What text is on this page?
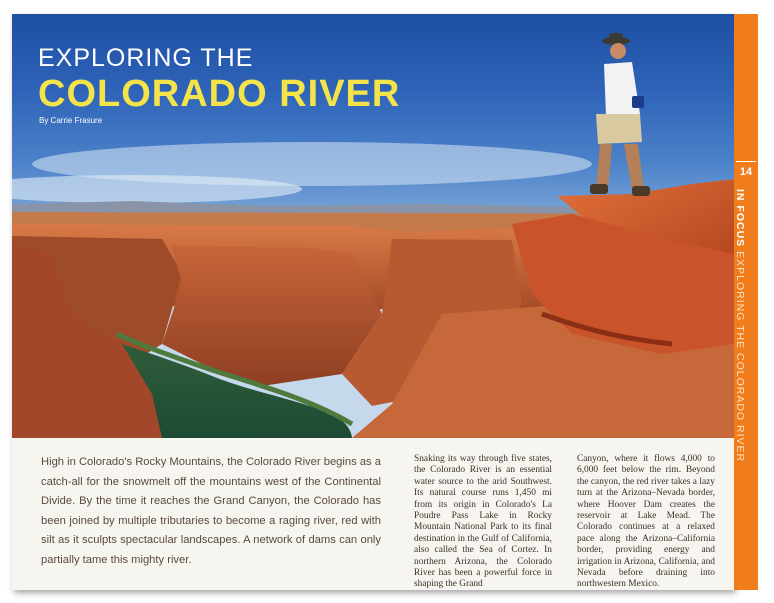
EXPLORING THE
COLORADO RIVER
By Carrie Frasure

High in Colorado's Rocky Mountains, the Colorado River begins as a catch-all for the snowmelt off the mountains west of the Continental Divide. By the time it reaches the Grand Canyon, the Colorado has been joined by multiple tributaries to become a raging river, red with silt as it sculpts spectacular landscapes. A network of dams can only partially tame this mighty river.

Snaking its way through five states, the Colorado River is an essential water source to the arid Southwest. Its natural course runs 1,450 mi from its origin in Colorado's La Poudre Pass Lake in Rocky Mountain National Park to its final destination in the Gulf of California, also called the Sea of Cortez. In northern Arizona, the Colorado River has been a powerful force in shaping the Grand

Canyon, where it flows 4,000 to 6,000 feet below the rim. Beyond the canyon, the red river takes a lazy turn at the Arizona–Nevada border, where Hoover Dam creates the reservoir at Lake Mead. The Colorado continues at a relaxed pace along the Arizona–California border, providing energy and irrigation in Arizona, California, and Nevada before draining into northwestern Mexico.

14
IN FOCUS EXPLORING THE COLORADO RIVER
